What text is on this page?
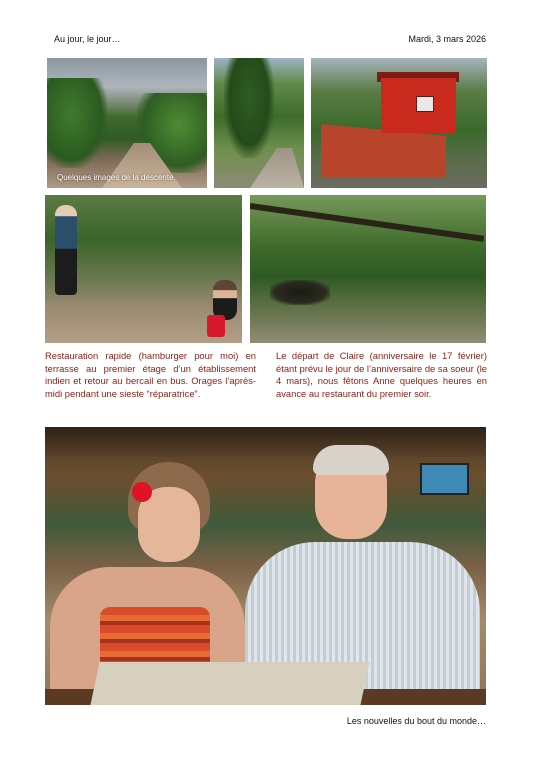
Au jour, le jour…	Mardi, 3 mars 2026
Quelques images de la descente
Restauration rapide (hamburger pour moi) en terrasse au premier étage d’un établissement indien et retour au bercail en bus. Orages l’après-midi pendant une sieste “réparatrice”.
Le départ de Claire (anniversaire le 17 février) étant prévu le jour de l’anniversaire de sa soeur (le 4 mars), nous fêtons Anne quelques heures en avance au restaurant du premier soir.
Les nouvelles du bout du monde…
